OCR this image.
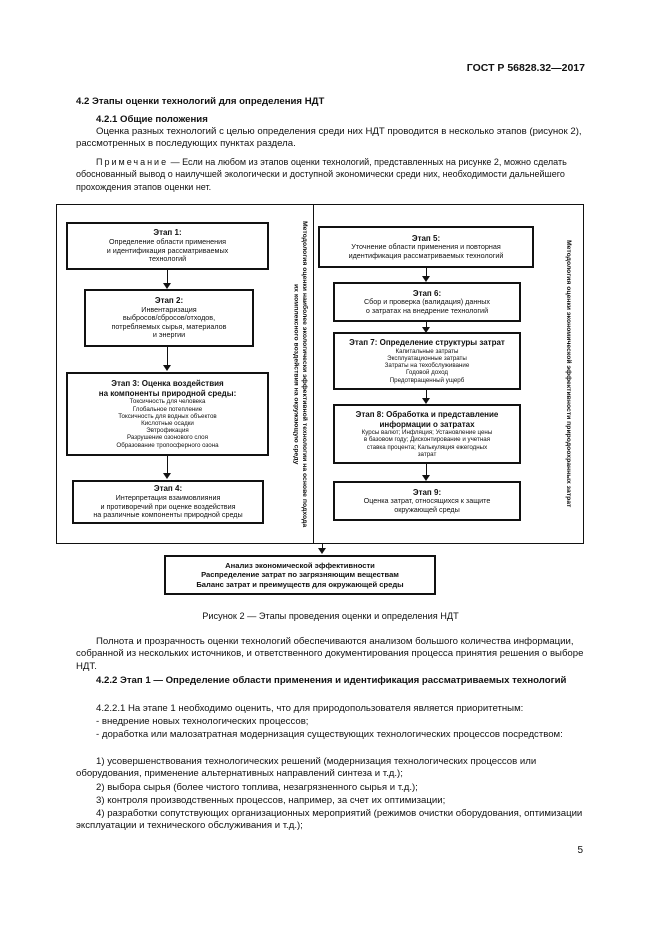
ГОСТ Р 56828.32—2017
4.2 Этапы оценки технологий для определения НДТ
4.2.1 Общие положения
Оценка разных технологий с целью определения среди них НДТ проводится в несколько этапов (рисунок 2), рассмотренных в последующих пунктах раздела.
Примечание — Если на любом из этапов оценки технологий, представленных на рисунке 2, можно сделать обоснованный вывод о наилучшей экологически и доступной экономически среди них, необходимости дальнейшего прохождения этапов оценки нет.
Этап 1:
Определение области применения
и идентификация рассматриваемых
технологий
Этап 2:
Инвентаризация
выбросов/сбросов/отходов,
потребляемых сырья, материалов
и энергии
Этап 3: Оценка воздействия
на компоненты природной среды:
Токсичность для человека
Глобальное потепление
Токсичность для водных объектов
Кислотные осадки
Эвтрофикация
Разрушение озонового слоя
Образование тропосферного озона
Этап 4:
Интерпретация взаимовлияния
и противоречий при оценке воздействия
на различные компоненты природной среды	Методология оценки наиболее экологически эффективной технологии на основе подхода
их комплексного воздействия на окружающую среду
Этап 5:
Уточнение области применения и повторная
идентификация рассматриваемых технологий
Этап 6:
Сбор и проверка (валидация) данных
о затратах на внедрение технологий
Этап 7: Определение структуры затрат
Капитальные затраты
Эксплуатационные затраты
Затраты на техобслуживание
Годовой доход
Предотвращенный ущерб
Этап 8: Обработка и представление
информации о затратах
Курсы валют; Инфляция; Установление цены
в базовом году; Дисконтирование и учетная
ставка процента; Калькуляция ежегодных
затрат
Этап 9:
Оценка затрат, относящихся к защите
окружающей среды
Методология оценки экономической эффективности природоохранных затрат
Анализ экономической эффективности
Распределение затрат по загрязняющим веществам
Баланс затрат и преимуществ для окружающей среды
Рисунок 2 — Этапы проведения оценки и определения НДТ
Полнота и прозрачность оценки технологий обеспечиваются анализом большого количества информации, собранной из нескольких источников, и ответственного документирования процесса принятия решения о выборе НДТ.
4.2.2 Этап 1 — Определение области применения и идентификация рассматриваемых технологий
4.2.2.1 На этапе 1 необходимо оценить, что для природопользователя является приоритетным:
- внедрение новых технологических процессов;
- доработка или малозатратная модернизация существующих технологических процессов посредством:
1) усовершенствования технологических решений (модернизация технологических процессов или оборудования, применение альтернативных направлений синтеза и т.д.);
2) выбора сырья (более чистого топлива, незагрязненного сырья и т.д.);
3) контроля производственных процессов, например, за счет их оптимизации;
4) разработки сопутствующих организационных мероприятий (режимов очистки оборудования, оптимизации эксплуатации и технического обслуживания и т.д.);
5
